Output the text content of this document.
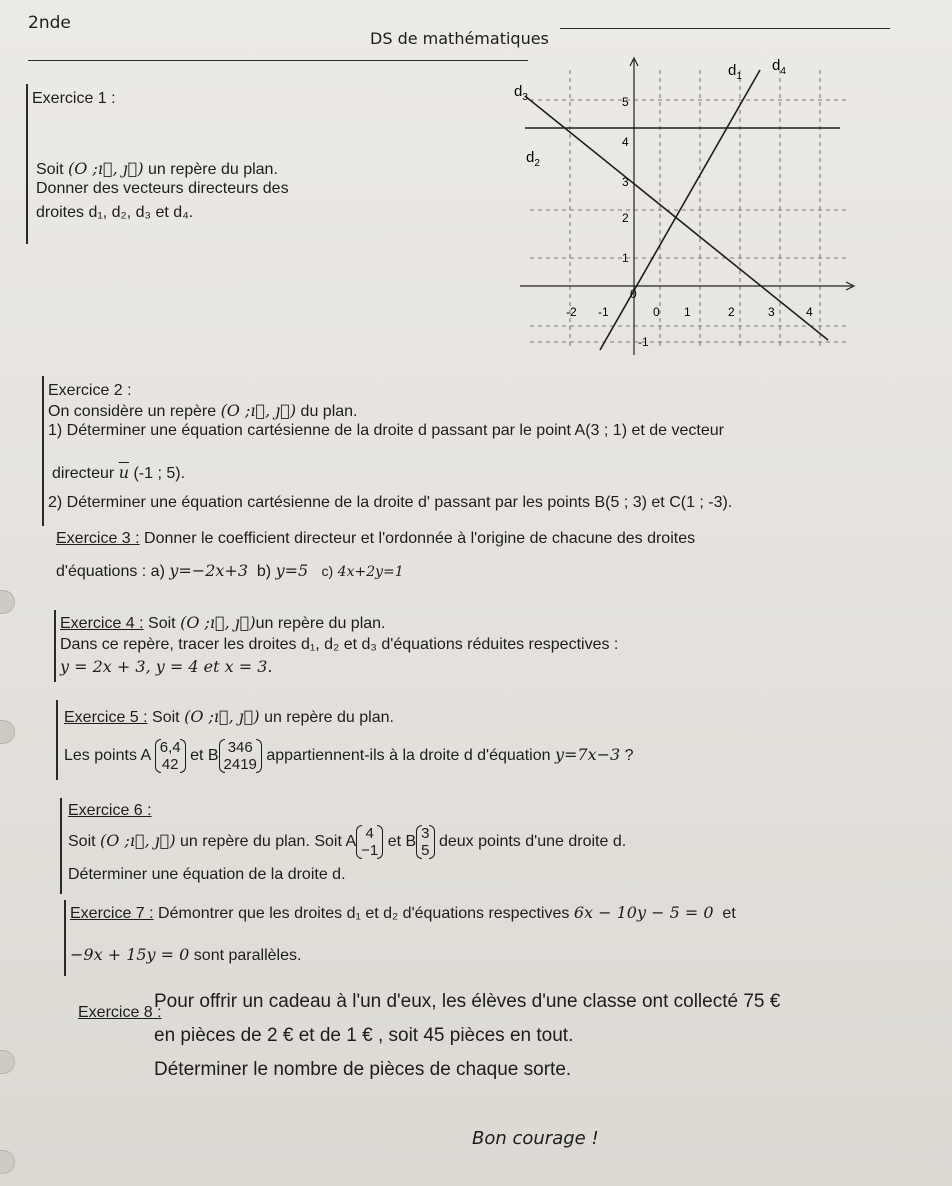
2nde
DS de mathématiques
Exercice 1 :
Soit (O ;ı⃗, ȷ⃗) un repère du plan.
Donner des vecteurs directeurs des
droites d₁, d₂, d₃ et d₄.
$d_1$
$d_4$
$d_3$
$d_2$
0
-2 -1	0 1	2	3	4
5
4
3
2
1
-1
Exercice 2 :
On considère un repère (O ;ı⃗, ȷ⃗) du plan.
1) Déterminer une équation cartésienne de la droite d passant par le point A(3 ; 1) et de vecteur
directeur $\overline{u}$ (-1 ; 5).
2) Déterminer une équation cartésienne de la droite d' passant par les points B(5 ; 3) et C(1 ; -3).
Exercice 3 : Donner le coefficient directeur et l'ordonnée à l'origine de chacune des droites
d'équations : a) y=−2x+3 b) y=5 c) 4x+2y=1
Exercice 4 : Soit (O ;ı⃗, ȷ⃗)un repère du plan.
Dans ce repère, tracer les droites d₁, d₂ et d₃ d'équations réduites respectives :
y = 2x + 3, y = 4 et x = 3.
Exercice 5 : Soit (O ;ı⃗, ȷ⃗) un repère du plan.
Les points A 6,4
42
et B 346
2419
appartiennent-ils à la droite d d'équation y=7x−3 ?
Exercice 6 :
Soit (O ;ı⃗, ȷ⃗) un repère du plan. Soit A 4
−1
et B 3
5
deux points d'une droite d.
Déterminer une équation de la droite d.
Exercice 7 : Démontrer que les droites d₁ et d₂ d'équations respectives 6x − 10y − 5 = 0 et
−9x + 15y = 0 sont parallèles.
Exercice 8 :
Pour offrir un cadeau à l'un d'eux, les élèves d'une classe ont collecté 75 €
en pièces de 2 € et de 1 € , soit 45 pièces en tout.
Déterminer le nombre de pièces de chaque sorte.
Bon courage !
